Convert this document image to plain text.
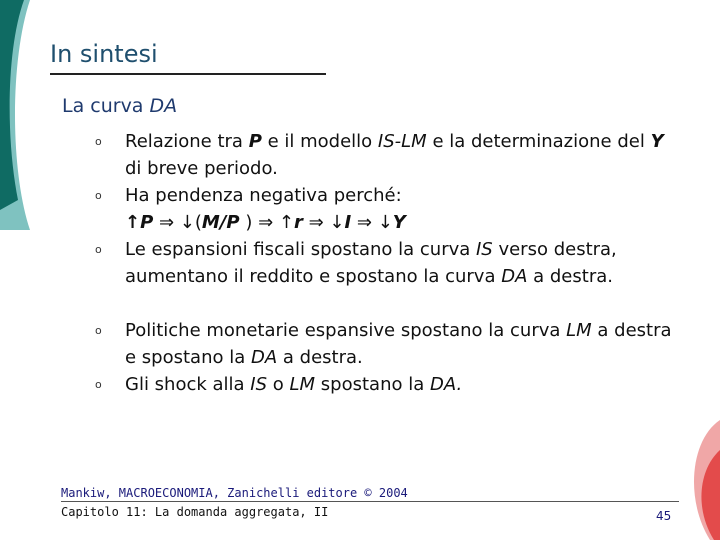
In sintesi
La curva DA
o Relazione tra P e il modello IS-LM e la determinazione del Y di breve periodo.
o Ha pendenza negativa perché:
↑P ⇒ ↓(M/P ) ⇒ ↑r ⇒ ↓I ⇒ ↓Y
o Le espansioni fiscali spostano la curva IS verso destra, aumentano il reddito e spostano la curva DA a destra.
o Politiche monetarie espansive spostano la curva LM a destra e spostano la DA a destra.
o Gli shock alla IS o LM spostano la DA.
Mankiw, MACROECONOMIA, Zanichelli editore © 2004
Capitolo 11: La domanda aggregata, II	45
